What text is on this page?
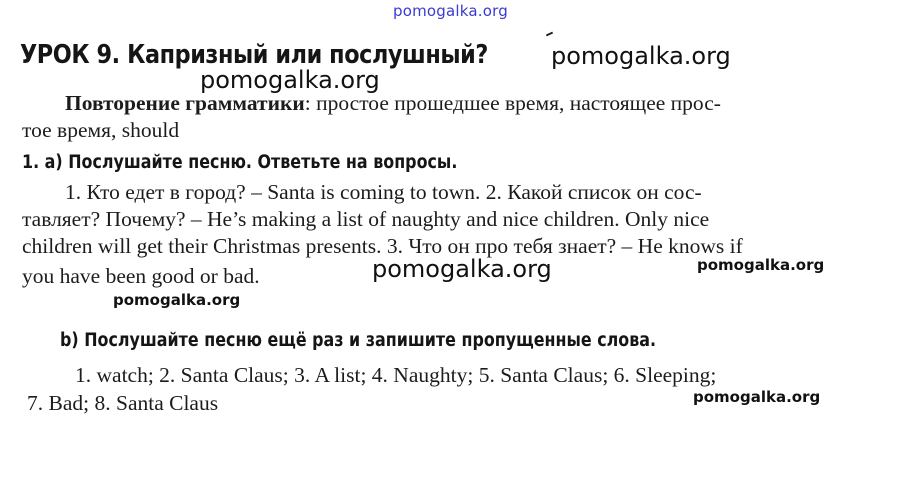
pomogalka.org
pomogalka.org
pomogalka.org
pomogalka.org	pomogalka.org
pomogalka.org
pomogalka.org
УРОК 9. Капризный или послушный?
Повторение грамматики: простое прошедшее время, настоящее прос-
тое время, should
1. а) Послушайте песню. Ответьте на вопросы.
1. Кто едет в город? – Santa is coming to town. 2. Какой список он сос-
тавляет? Почему? – He’s making a list of naughty and nice children. Only nice
children will get their Christmas presents. 3. Что он про тебя знает? – He knows if
you have been good or bad.
b) Послушайте песню ещё раз и запишите пропущенные слова.
1. watch; 2. Santa Claus; 3. A list; 4. Naughty; 5. Santa Claus; 6. Sleeping;
7. Bad; 8. Santa Claus
